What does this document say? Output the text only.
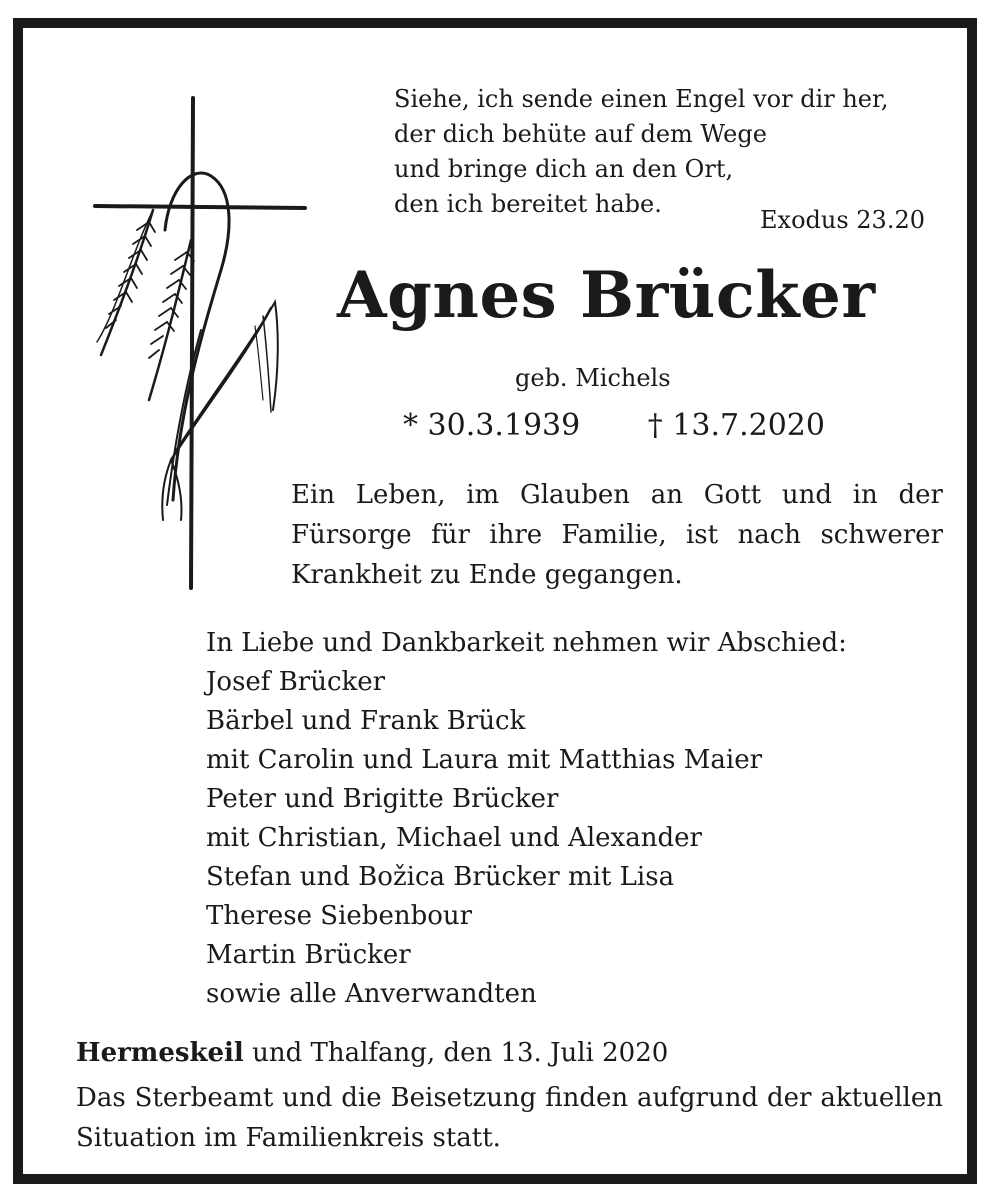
Siehe, ich sende einen Engel vor dir her,
der dich behüte auf dem Wege
und bringe dich an den Ort,
den ich bereitet habe.
Exodus 23.20
Agnes Brücker
geb. Michels
* 30.3.1939 † 13.7.2020
Ein Leben, im Glauben an Gott und in der Fürsorge für ihre Familie, ist nach schwerer Krankheit zu Ende gegangen.
In Liebe und Dankbarkeit nehmen wir Abschied:
Josef Brücker
Bärbel und Frank Brück
mit Carolin und Laura mit Matthias Maier
Peter und Brigitte Brücker
mit Christian, Michael und Alexander
Stefan und Božica Brücker mit Lisa
Therese Siebenbour
Martin Brücker
sowie alle Anverwandten
Hermeskeil und Thalfang, den 13. Juli 2020
Das Sterbeamt und die Beisetzung finden aufgrund der aktuellen Situation im Familienkreis statt.
